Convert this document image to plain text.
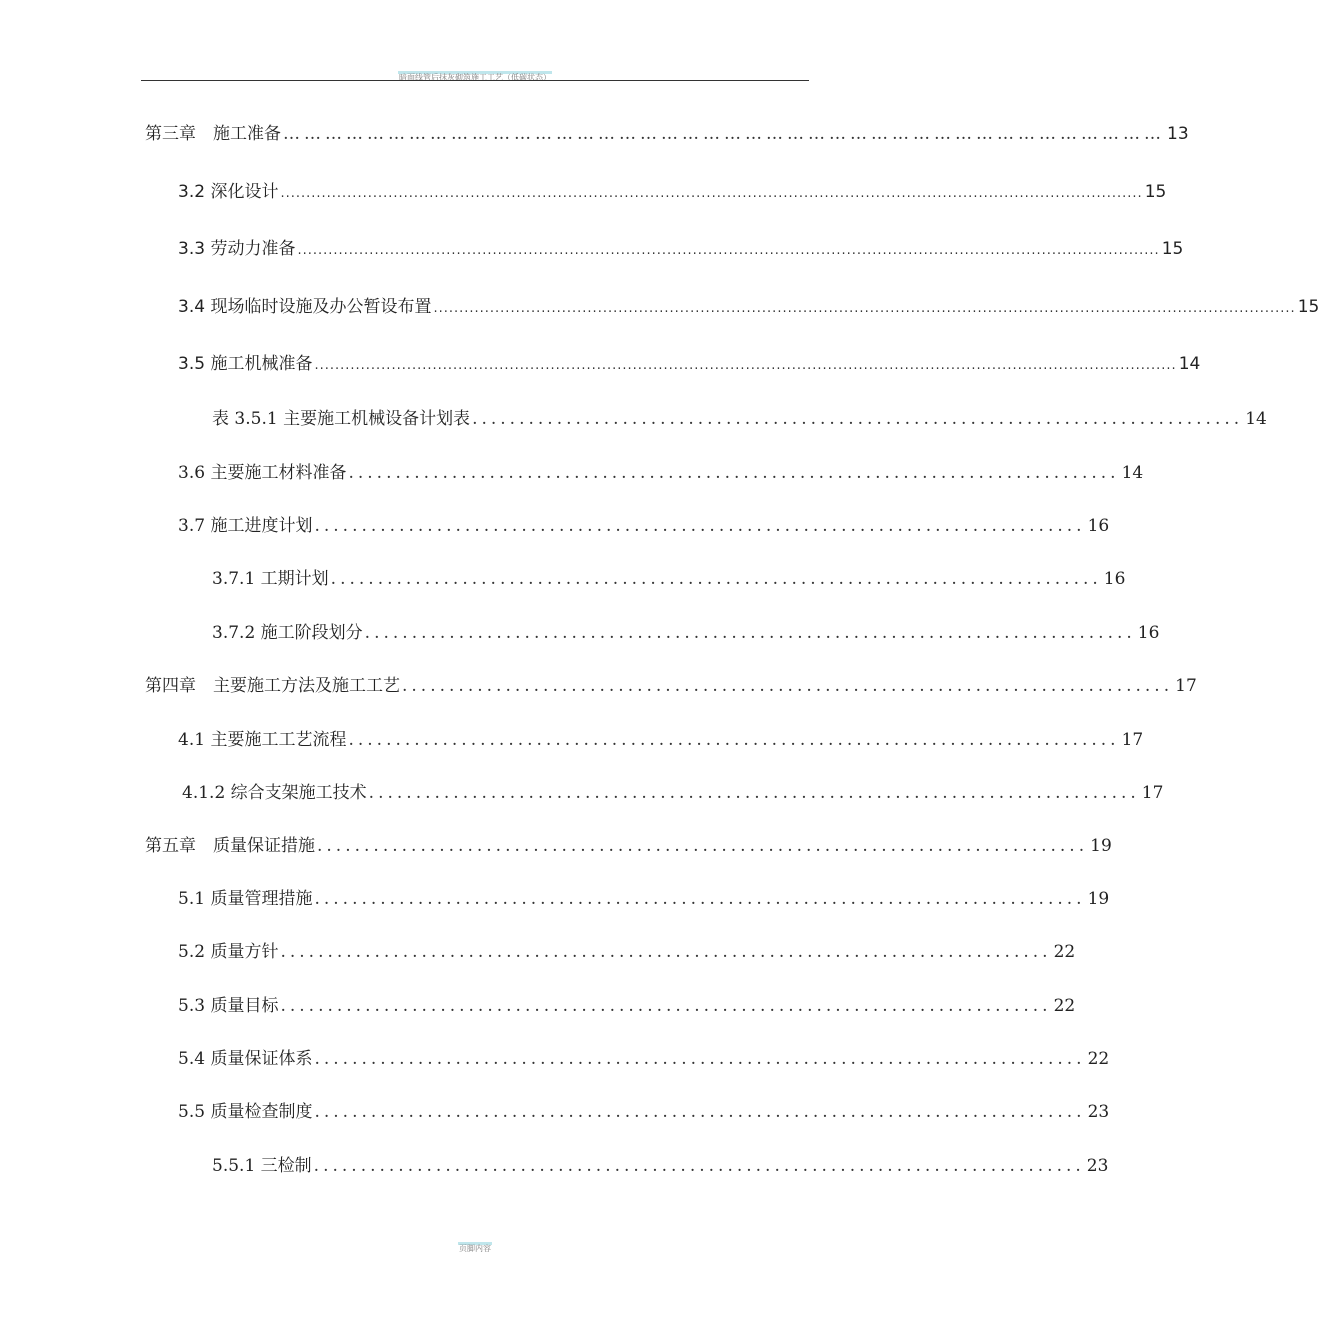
暗面线管后抹灰砌筑施工工艺（低碳状态）
第三章　施工准备 ……………………………………………………………………………………………………………… 13
3.2 深化设计 ........................................................................................................................................................................ 15
3.3 劳动力准备 ........................................................................................................................................................................ 15
3.4 现场临时设施及办公暂设布置 ........................................................................................................................................................................ 15
3.5 施工机械准备 ........................................................................................................................................................................ 14
表 3.5.1 主要施工机械设备计划表 .................................................................................. 14
3.6 主要施工材料准备 .................................................................................. 14
3.7 施工进度计划 .................................................................................. 16
3.7.1 工期计划 .................................................................................. 16
3.7.2 施工阶段划分 .................................................................................. 16
第四章　主要施工方法及施工工艺 .................................................................................. 17
4.1 主要施工工艺流程 .................................................................................. 17
4.1.2 综合支架施工技术 .................................................................................. 17
第五章　质量保证措施 .................................................................................. 19
5.1 质量管理措施 .................................................................................. 19
5.2 质量方针 .................................................................................. 22
5.3 质量目标 .................................................................................. 22
5.4 质量保证体系 .................................................................................. 22
5.5 质量检查制度 .................................................................................. 23
5.5.1 三检制 .................................................................................. 23
页脚内容
